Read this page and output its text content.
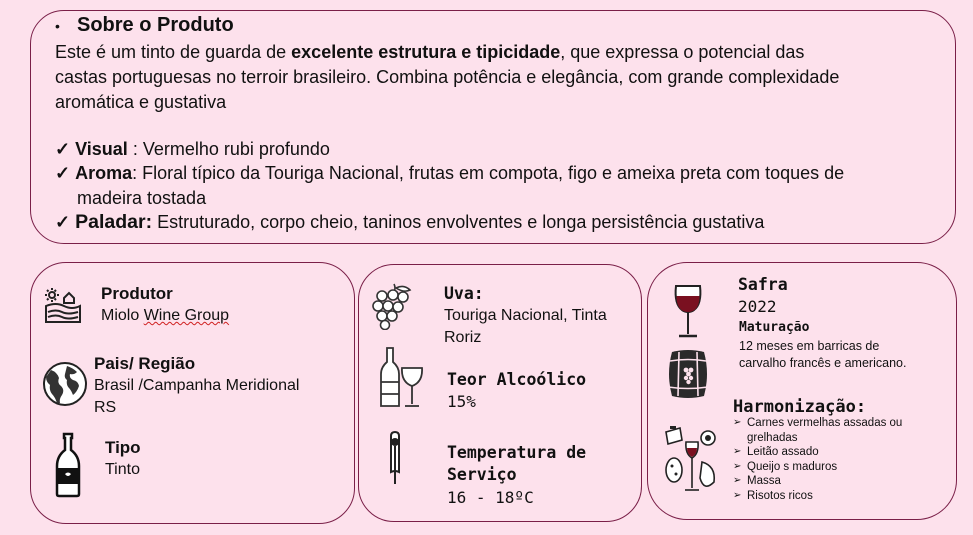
• Sobre o Produto
Este é um tinto de guarda de excelente estrutura e tipicidade, que expressa o potencial das
castas portuguesas no terroir brasileiro. Combina potência e elegância, com grande complexidade
aromática e gustativa
✓ Visual : Vermelho rubi profundo
✓ Aroma: Floral típico da Touriga Nacional, frutas em compota, figo e ameixa preta com toques de
madeira tostada
✓ Paladar: Estruturado, corpo cheio, taninos envolventes e longa persistência gustativa
Produtor
Miolo Wine Group
Pais/ Região
Brasil /Campanha Meridional
RS
Tipo
Tinto
Uva:
Touriga Nacional, Tinta
Roriz
Teor Alcoólico
15%
Temperatura de
Serviço
16 - 18ºC
Safra
2022
Maturação
12 meses em barricas de
carvalho francês e americano.
Harmonização:
➢ Carnes vermelhas assadas ou
grelhadas
➢ Leitão assado
➢ Queijo s maduros
➢ Massa
➢ Risotos ricos
